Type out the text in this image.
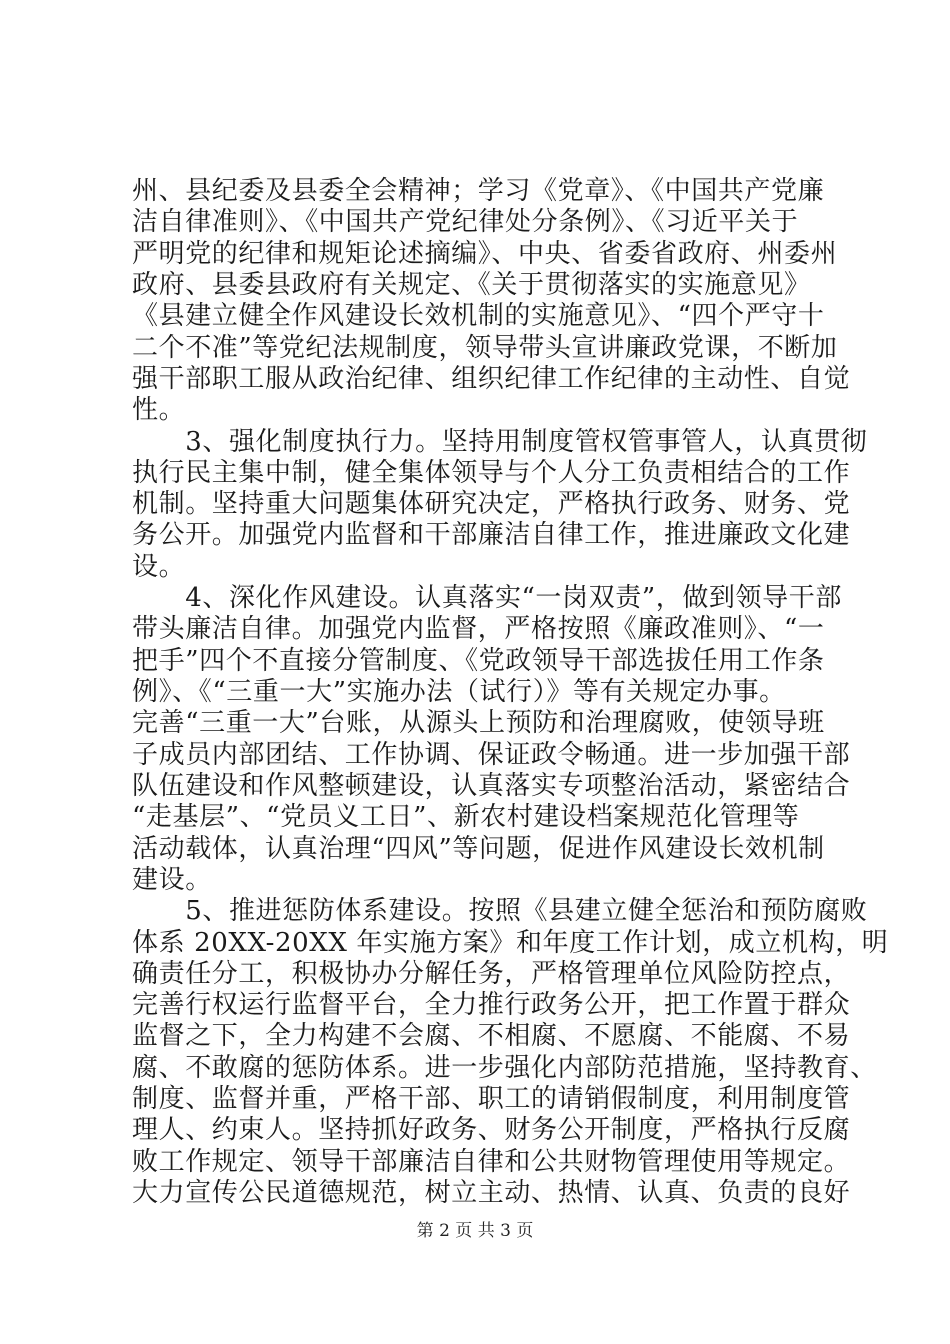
州、县纪委及县委全会精神；学习《党章》、《中国共产党廉
洁自律准则》、《中国共产党纪律处分条例》、《习近平关于
严明党的纪律和规矩论述摘编》、中央、省委省政府、州委州
政府、县委县政府有关规定、《关于贯彻落实的实施意见》
《县建立健全作风建设长效机制的实施意见》、“四个严守十
二个不准”等党纪法规制度，领导带头宣讲廉政党课，不断加
强干部职工服从政治纪律、组织纪律工作纪律的主动性、自觉
性。
　　3、强化制度执行力。坚持用制度管权管事管人，认真贯彻
执行民主集中制，健全集体领导与个人分工负责相结合的工作
机制。坚持重大问题集体研究决定，严格执行政务、财务、党
务公开。加强党内监督和干部廉洁自律工作，推进廉政文化建
设。
　　4、深化作风建设。认真落实“一岗双责”，做到领导干部
带头廉洁自律。加强党内监督，严格按照《廉政准则》、“一
把手”四个不直接分管制度、《党政领导干部选拔任用工作条
例》、《“三重一大”实施办法（试行）》等有关规定办事。
完善“三重一大”台账，从源头上预防和治理腐败，使领导班
子成员内部团结、工作协调、保证政令畅通。进一步加强干部
队伍建设和作风整顿建设，认真落实专项整治活动，紧密结合
“走基层”、“党员义工日”、新农村建设档案规范化管理等
活动载体，认真治理“四风”等问题，促进作风建设长效机制
建设。
　　5、推进惩防体系建设。按照《县建立健全惩治和预防腐败
体系 20XX-20XX 年实施方案》和年度工作计划，成立机构，明
确责任分工，积极协办分解任务，严格管理单位风险防控点，
完善行权运行监督平台，全力推行政务公开，把工作置于群众
监督之下，全力构建不会腐、不相腐、不愿腐、不能腐、不易
腐、不敢腐的惩防体系。进一步强化内部防范措施，坚持教育、
制度、监督并重，严格干部、职工的请销假制度，利用制度管
理人、约束人。坚持抓好政务、财务公开制度，严格执行反腐
败工作规定、领导干部廉洁自律和公共财物管理使用等规定。
大力宣传公民道德规范，树立主动、热情、认真、负责的良好
第 2 页 共 3 页
